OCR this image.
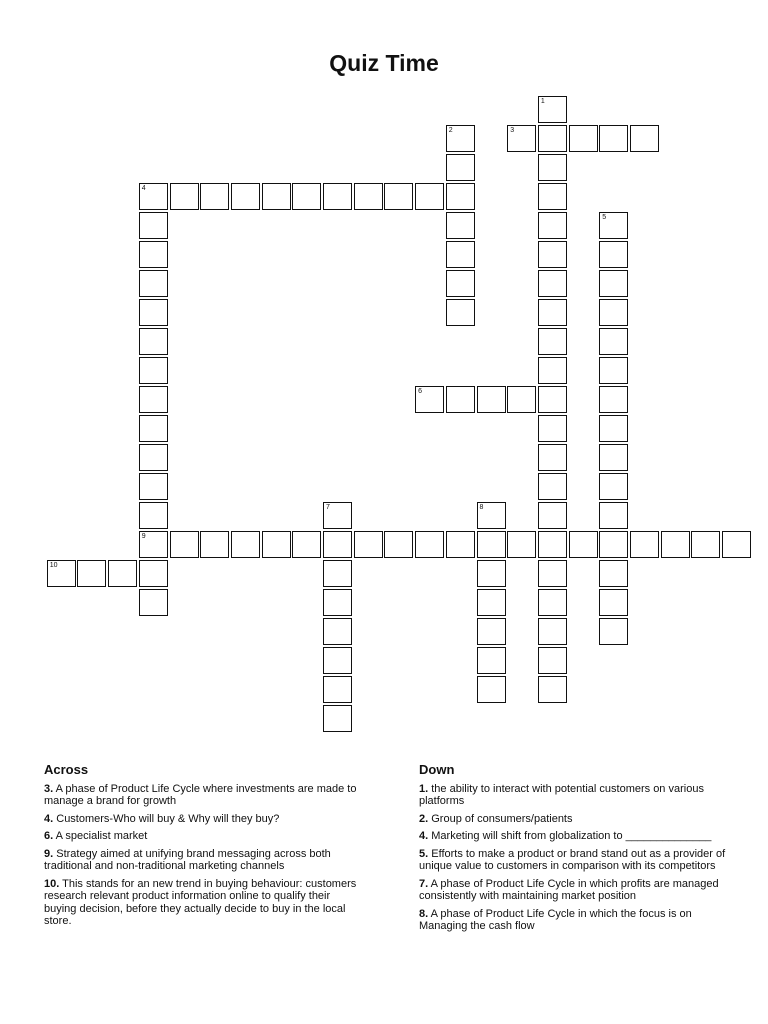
Quiz Time
1
2	3
4
9
5
6
7	8
10
Across
3. A phase of Product Life Cycle where investments are made to manage a brand for growth
4. Customers-Who will buy & Why will they buy?
6. A specialist market
9. Strategy aimed at unifying brand messaging across both traditional and non-traditional marketing channels
10. This stands for an new trend in buying behaviour: customers research relevant product information online to qualify their buying decision, before they actually decide to buy in the local store.
Down
1. the ability to interact with potential customers on various platforms
2. Group of consumers/patients
4. Marketing will shift from globalization to ______________
5. Efforts to make a product or brand stand out as a provider of unique value to customers in comparison with its competitors
7. A phase of Product Life Cycle in which profits are managed consistently with maintaining market position
8. A phase of Product Life Cycle in which the focus is on Managing the cash flow
